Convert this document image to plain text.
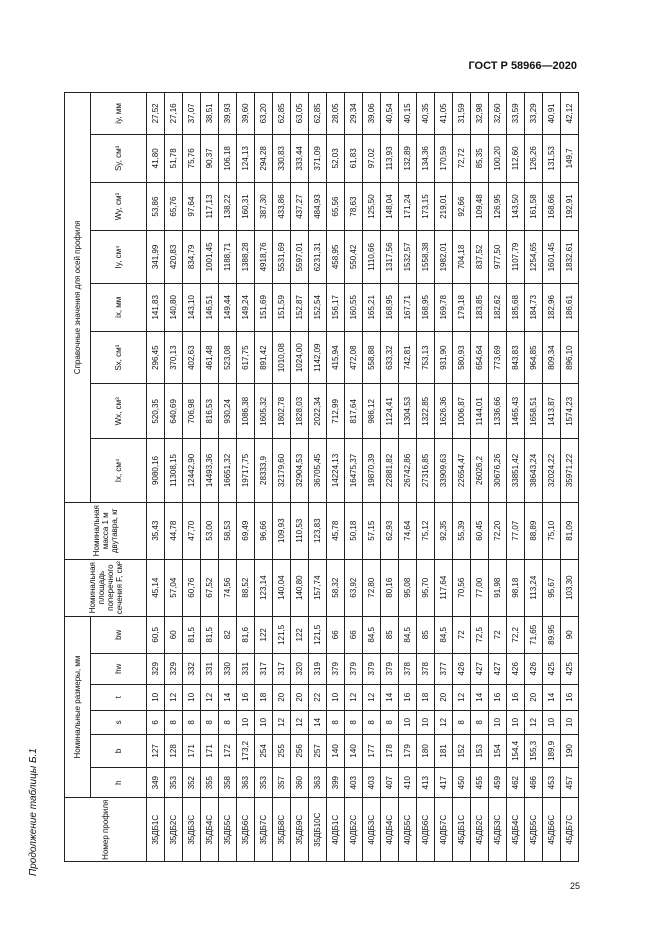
ГОСТ Р 58966—2020
Продолжение таблицы Б.1
25
Номер профиля	Номинальные размеры, мм						Номинальная площадь поперечного сечения F, см²	Номинальная масса 1 м двутавра, кг	Справочные значения для осей профиля							
	h	b	s	t	hw	bw			Ix, см⁴	Wx, см³	Sx, см³	ix, мм	Iy, см⁴	Wy, см³	Sy, см³	iy, мм
35ДБ1С	349	127	6	10	329	60,5	45,14	35,43	9080,16	520,35	296,45	141,83	341,99	53,86	41,80	27,52
35ДБ2С	353	128	8	12	329	60	57,04	44,78	11308,15	640,69	370,13	140,80	420,83	65,76	51,78	27,16
35ДБ3С	352	171	8	10	332	81,5	60,76	47,70	12442,90	706,98	402,63	143,10	834,79	97,64	75,76	37,07
35ДБ4С	355	171	8	12	331	81,5	67,52	53,00	14493,36	816,53	461,48	146,51	1001,45	117,13	90,37	38,51
35ДБ5С	358	172	8	14	330	82	74,56	58,53	16651,32	930,24	523,08	149,44	1188,71	138,22	106,18	39,93
35ДБ6С	363	173,2	10	16	331	81,6	88,52	69,49	19717,75	1086,38	617,75	149,24	1388,28	160,31	124,13	39,60
35ДБ7С	353	254	10	18	317	122	123,14	96,66	28333,9	1605,32	891,42	151,69	4918,76	387,30	294,28	63,20
35ДБ8С	357	255	12	20	317	121,5	140,04	109,93	32179,60	1802,78	1010,08	151,59	5531,69	433,86	330,83	62,85
35ДБ9С	360	256	12	20	320	122	140,80	110,53	32904,53	1828,03	1024,00	152,87	5597,01	437,27	333,44	63,05
35ДБ10С	363	257	14	22	319	121,5	157,74	123,83	36705,45	2022,34	1142,09	152,54	6231,31	484,93	371,09	62,85
40ДБ1С	399	140	8	10	379	66	58,32	45,78	14224,13	712,99	415,94	156,17	458,95	65,56	52,03	28,05
40ДБ2С	403	140	8	12	379	66	63,92	50,18	16475,37	817,64	472,08	160,55	550,42	78,63	61,83	29,34
40ДБ3С	403	177	8	12	379	84,5	72,80	57,15	19870,39	986,12	558,88	165,21	1110,66	125,50	97,02	39,06
40ДБ4С	407	178	8	14	379	85	80,16	62,93	22881,82	1124,41	633,32	168,95	1317,56	148,04	113,93	40,54
40ДБ5С	410	179	10	16	378	84,5	95,08	74,64	26742,86	1304,53	742,81	167,71	1532,57	171,24	132,89	40,15
40ДБ6С	413	180	10	18	378	85	95,70	75,12	27316,85	1322,85	753,13	168,95	1558,38	173,15	134,36	40,35
40ДБ7С	417	181	12	20	377	84,5	117,64	92,35	33909,63	1626,36	931,90	169,78	1982,01	219,01	170,59	41,05
45ДБ1С	450	152	8	12	426	72	70,56	55,39	22654,47	1006,87	580,93	179,18	704,18	92,66	72,72	31,59
45ДБ2С	455	153	8	14	427	72,5	77,00	60,45	26026,2	1144,01	654,64	183,85	837,52	109,48	85,35	32,98
45ДБ3С	459	154	10	16	427	72	91,98	72,20	30676,26	1336,66	773,69	182,62	977,50	126,95	100,20	32,60
45ДБ4С	462	154,4	10	16	426	72,2	98,18	77,07	33851,42	1465,43	843,83	185,68	1107,79	143,50	112,60	33,59
45ДБ5С	466	155,3	12	20	426	71,65	113,24	88,89	38643,24	1658,51	964,85	184,73	1254,65	161,58	126,26	33,29
45ДБ6С	453	189,9	10	14	425	89,95	95,67	75,10	32024,22	1413,87	809,34	182,96	1601,45	168,66	131,53	40,91
45ДБ7С	457	190	10	16	425	90	103,30	81,09	35971,22	1574,23	896,10	186,61	1832,61	192,91	149,7	42,12
